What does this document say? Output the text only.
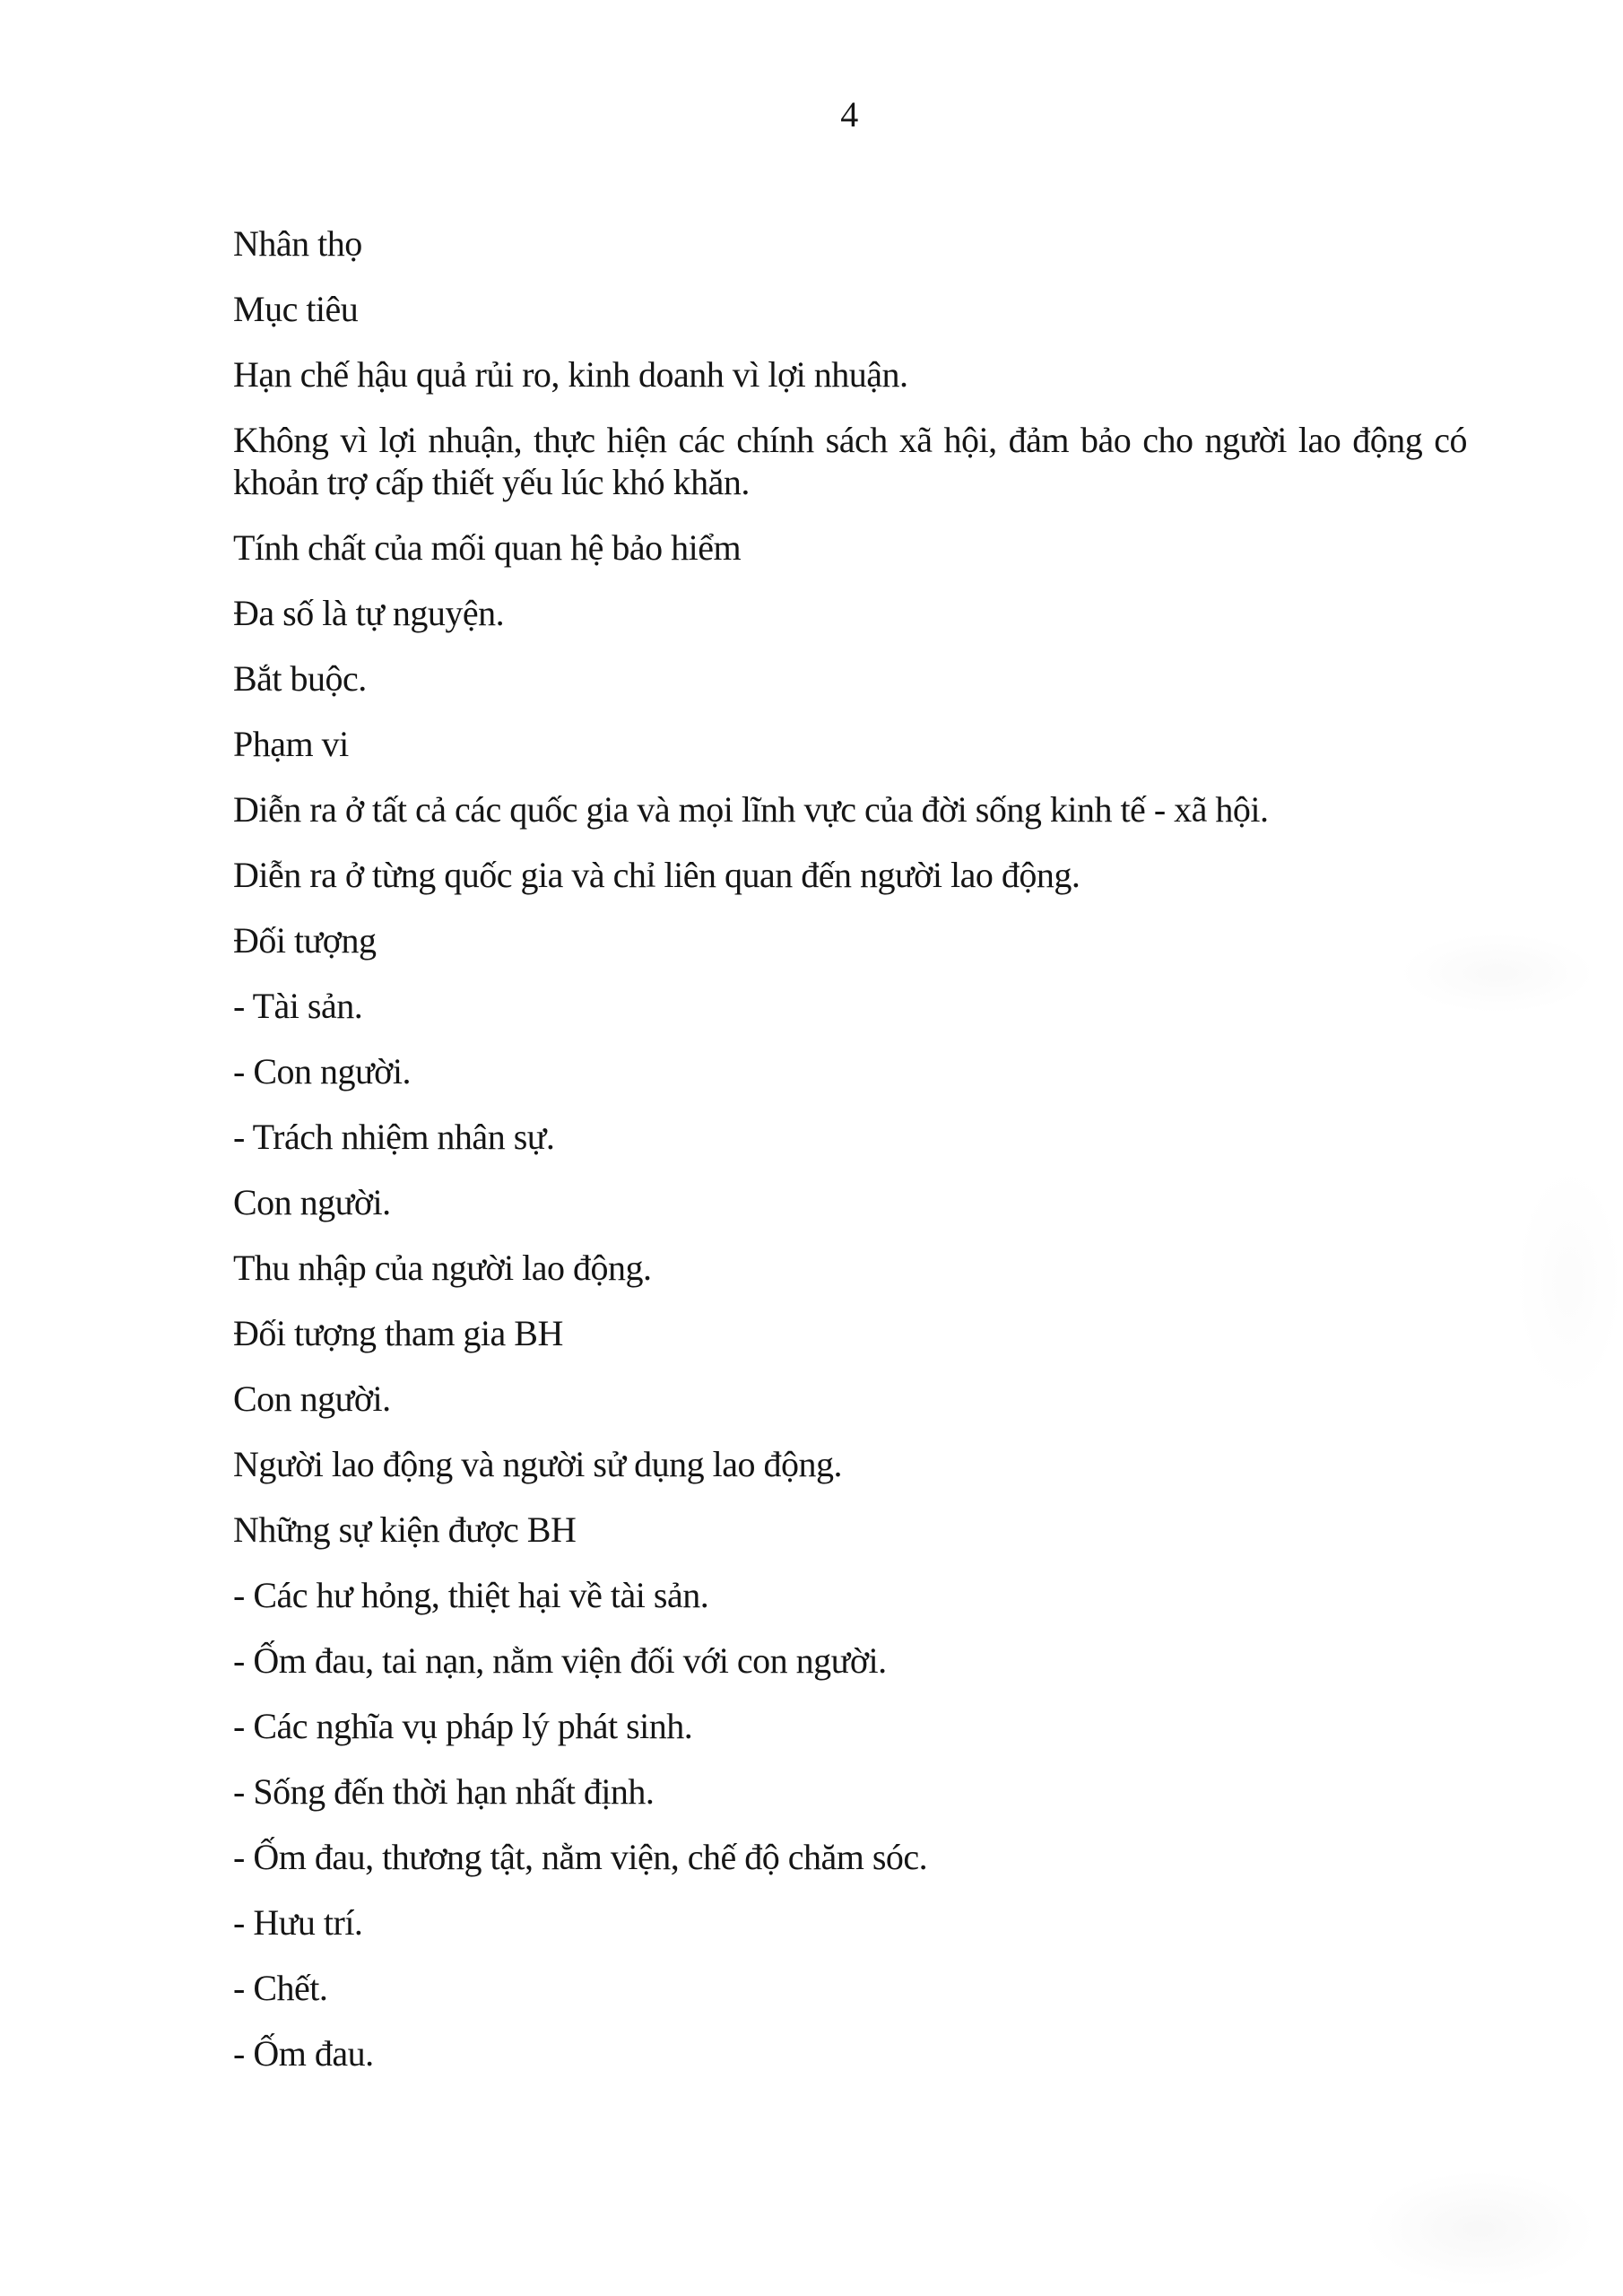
4
Nhân thọ
Mục tiêu
Hạn chế hậu quả rủi ro, kinh doanh vì lợi nhuận.
Không vì lợi nhuận, thực hiện các chính sách xã hội, đảm bảo cho người lao động có
khoản trợ cấp thiết yếu lúc khó khăn.
Tính chất của mối quan hệ bảo hiểm
Đa số là tự nguyện.
Bắt buộc.
Phạm vi
Diễn ra ở tất cả các quốc gia và mọi lĩnh vực của đời sống kinh tế - xã hội.
Diễn ra ở từng quốc gia và chỉ liên quan đến người lao động.
Đối tượng
- Tài sản.
- Con người.
- Trách nhiệm nhân sự.
Con người.
Thu nhập của người lao động.
Đối tượng tham gia BH
Con người.
Người lao động và người sử dụng lao động.
Những sự kiện được BH
- Các hư hỏng, thiệt hại về tài sản.
- Ốm đau, tai nạn, nằm viện đối với con người.
- Các nghĩa vụ pháp lý phát sinh.
- Sống đến thời hạn nhất định.
- Ốm đau, thương tật, nằm viện, chế độ chăm sóc.
- Hưu trí.
- Chết.
- Ốm đau.
